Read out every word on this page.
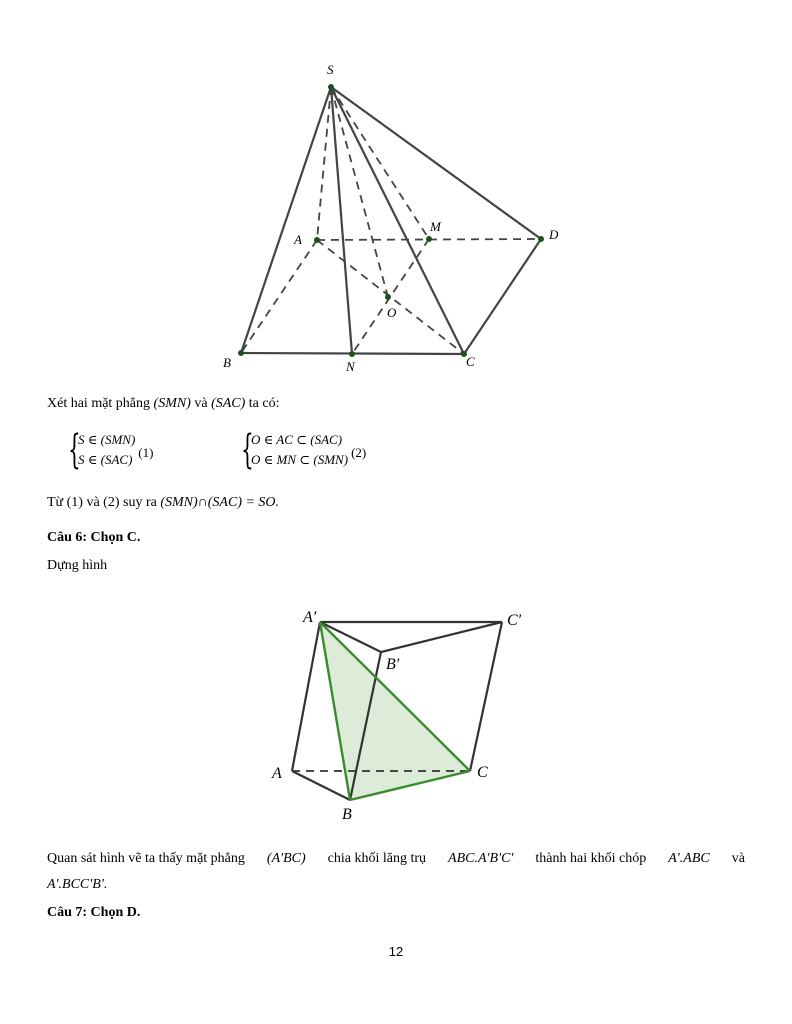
S
A
M
D
O
B	N	C
Xét hai mặt phẳng (SMN) và (SAC) ta có:
{
S ∈ (SMN)
S ∈ (SAC) (1) {
O ∈ AC ⊂ (SAC)
O ∈ MN ⊂ (SMN) (2)
Từ (1) và (2) suy ra (SMN)∩(SAC) = SO.
Câu 6: Chọn C.
Dựng hình
A′	C′
B′
A	C
B
Quan sát hình vẽ ta thấy mặt phẳng (A'BC) chia khối lăng trụ ABC.A'B'C' thành hai khối chóp A'.ABC và
A'.BCC'B'.
Câu 7: Chọn D.
12
